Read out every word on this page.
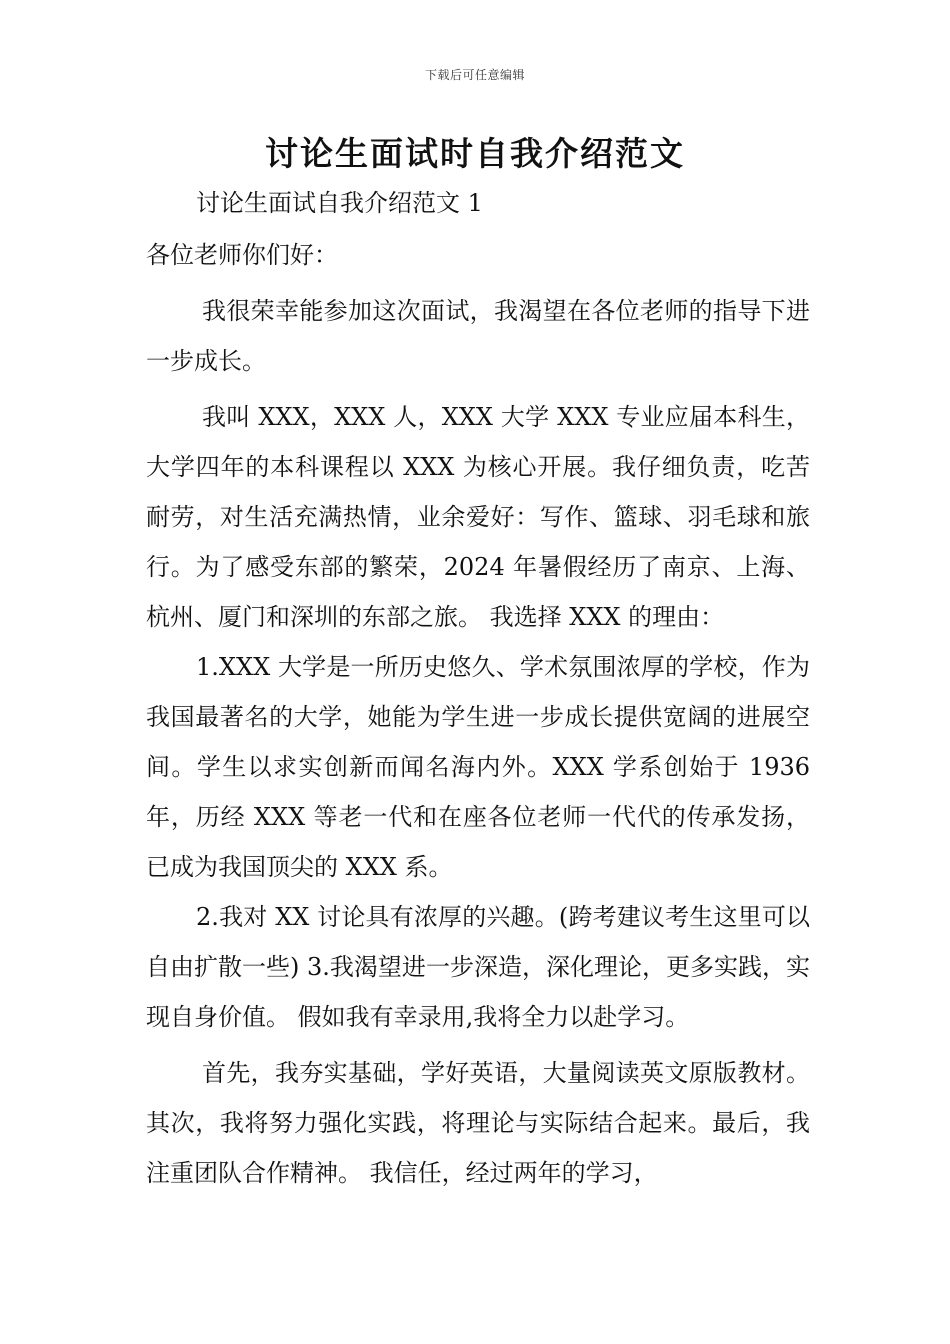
下载后可任意编辑
讨论生面试时自我介绍范文

讨论生面试自我介绍范文 1

各位老师你们好：

我很荣幸能参加这次面试，我渴望在各位老师的指导下进一步成长。

我叫 XXX，XXX 人，XXX 大学 XXX 专业应届本科生，大学四年的本科课程以 XXX 为核心开展。我仔细负责，吃苦耐劳，对生活充满热情，业余爱好：写作、篮球、羽毛球和旅行。为了感受东部的繁荣，2024 年暑假经历了南京、上海、杭州、厦门和深圳的东部之旅。 我选择 XXX 的理由：

1.XXX 大学是一所历史悠久、学术氛围浓厚的学校，作为我国最著名的大学，她能为学生进一步成长提供宽阔的进展空间。学生以求实创新而闻名海内外。XXX 学系创始于 1936 年，历经 XXX 等老一代和在座各位老师一代代的传承发扬，已成为我国顶尖的 XXX 系。

2.我对 XX 讨论具有浓厚的兴趣。(跨考建议考生这里可以自由扩散一些) 3.我渴望进一步深造，深化理论，更多实践，实现自身价值。 假如我有幸录用,我将全力以赴学习。

首先，我夯实基础，学好英语，大量阅读英文原版教材。其次，我将努力强化实践，将理论与实际结合起来。最后，我注重团队合作精神。 我信任，经过两年的学习，
